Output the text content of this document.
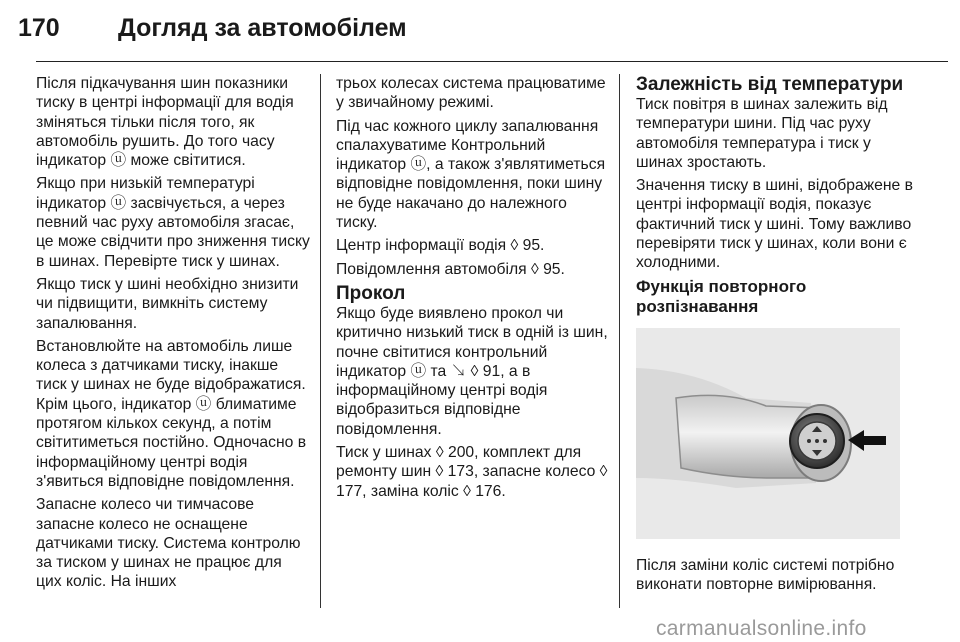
170 Догляд за автомобілем

Після підкачування шин показники тиску в центрі інформації для водія зміняться тільки після того, як автомобіль рушить. До того часу індикатор ⓤ може світитися.

Якщо при низькій температурі індикатор ⓤ засвічується, а через певний час руху автомобіля згасає, це може свідчити про зниження тиску в шинах. Перевірте тиск у шинах.

Якщо тиск у шині необхідно знизити чи підвищити, вимкніть систему запалювання.

Встановлюйте на автомобіль лише колеса з датчиками тиску, інакше тиск у шинах не буде відображатися. Крім цього, індикатор ⓤ блиматиме протягом кількох секунд, а потім світитиметься постійно. Одночасно в інформаційному центрі водія з'явиться відповідне повідомлення.

Запасне колесо чи тимчасове запасне колесо не оснащене датчиками тиску. Система контролю за тиском у шинах не працює для цих коліс. На інших

трьох колесах система працюватиме у звичайному режимі.

Під час кожного циклу запалювання спалахуватиме Контрольний індикатор ⓤ, а також з'являтиметься відповідне повідомлення, поки шину не буде накачано до належного тиску.

Центр інформації водія ◊ 95.

Повідомлення автомобіля ◊ 95.

Прокол

Якщо буде виявлено прокол чи критично низький тиск в одній із шин, почне світитися контрольний індикатор ⓤ та ↘ ◊ 91, а в інформаційному центрі водія відобразиться відповідне повідомлення.

Тиск у шинах ◊ 200, комплект для ремонту шин ◊ 173, запасне колесо ◊ 177, заміна коліс ◊ 176.

Залежність від температури

Тиск повітря в шинах залежить від температури шини. Під час руху автомобіля температура і тиск у шинах зростають.

Значення тиску в шині, відображене в центрі інформації водія, показує фактичний тиск у шині. Тому важливо перевіряти тиск у шинах, коли вони є холодними.

Функція повторного
розпізнавання

Після заміни коліс системі потрібно виконати повторне вимірювання.

carmanualsonline.info
